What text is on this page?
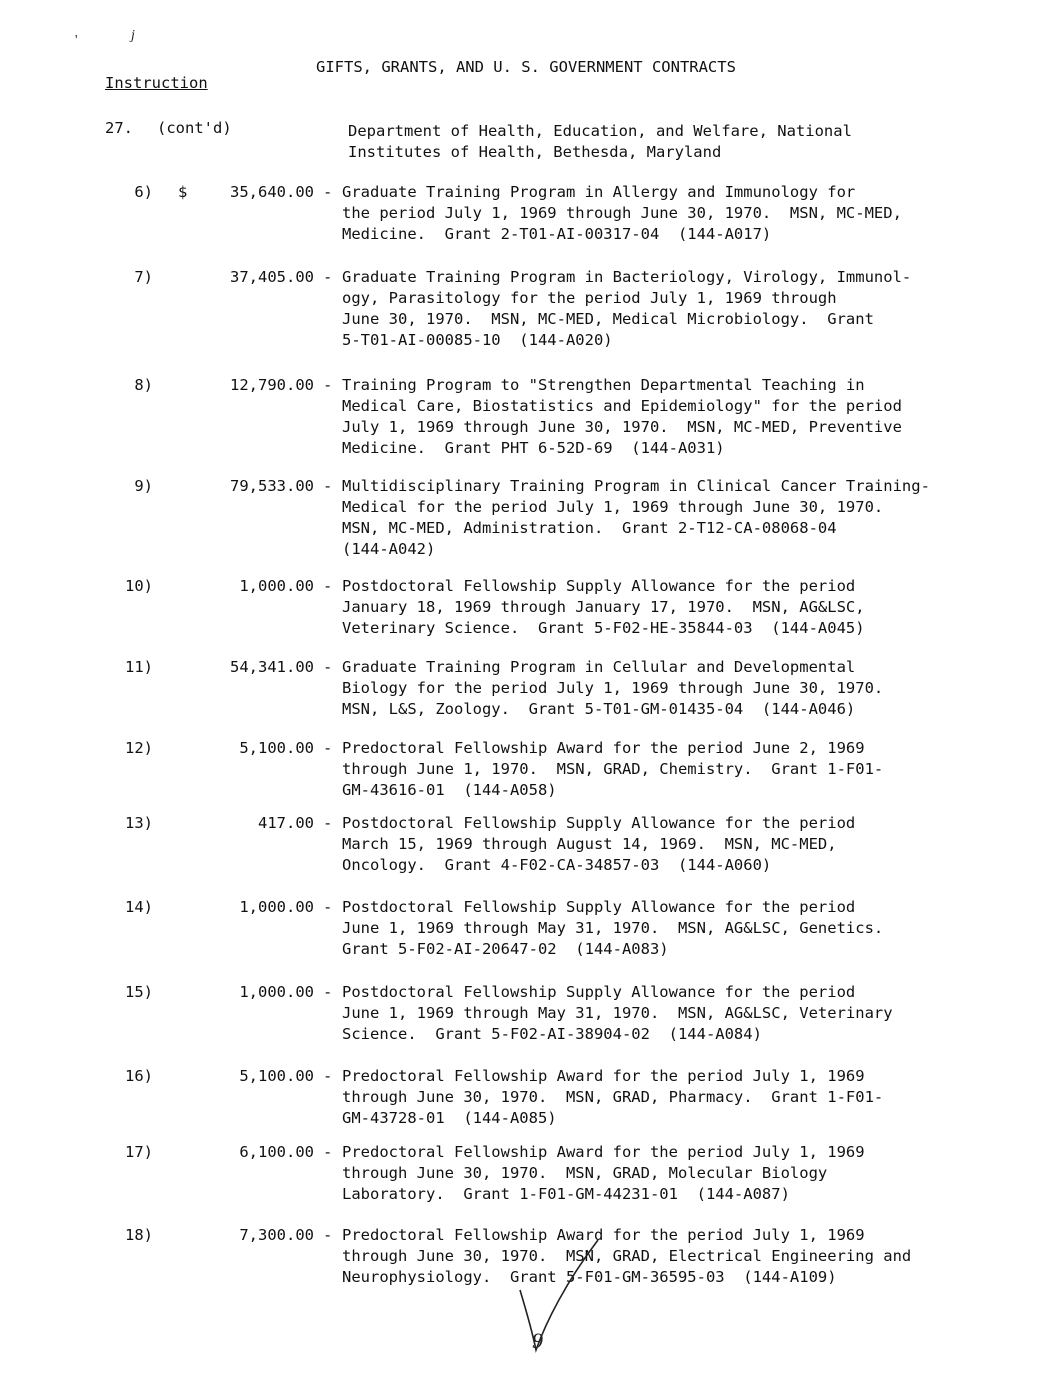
'	j
Instruction
GIFTS, GRANTS, AND U. S. GOVERNMENT CONTRACTS
27. (cont'd)	Department of Health, Education, and Welfare, National
Institutes of Health, Bethesda, Maryland
6) $	35,640.00 - Graduate Training Program in Allergy and Immunology for
the period July 1, 1969 through June 30, 1970.  MSN, MC-MED,
Medicine.  Grant 2-T01-AI-00317-04  (144-A017)
7)	37,405.00 - Graduate Training Program in Bacteriology, Virology, Immunol-
ogy, Parasitology for the period July 1, 1969 through
June 30, 1970.  MSN, MC-MED, Medical Microbiology.  Grant
5-T01-AI-00085-10  (144-A020)
8)	12,790.00 - Training Program to "Strengthen Departmental Teaching in
Medical Care, Biostatistics and Epidemiology" for the period
July 1, 1969 through June 30, 1970.  MSN, MC-MED, Preventive
Medicine.  Grant PHT 6-52D-69  (144-A031)
9)	79,533.00 - Multidisciplinary Training Program in Clinical Cancer Training-
Medical for the period July 1, 1969 through June 30, 1970.
MSN, MC-MED, Administration.  Grant 2-T12-CA-08068-04
(144-A042)
10)	1,000.00 - Postdoctoral Fellowship Supply Allowance for the period
January 18, 1969 through January 17, 1970.  MSN, AG&LSC,
Veterinary Science.  Grant 5-F02-HE-35844-03  (144-A045)
11)	54,341.00 - Graduate Training Program in Cellular and Developmental
Biology for the period July 1, 1969 through June 30, 1970.
MSN, L&S, Zoology.  Grant 5-T01-GM-01435-04  (144-A046)
12)	5,100.00 - Predoctoral Fellowship Award for the period June 2, 1969
through June 1, 1970.  MSN, GRAD, Chemistry.  Grant 1-F01-
GM-43616-01  (144-A058)
13)	417.00 - Postdoctoral Fellowship Supply Allowance for the period
March 15, 1969 through August 14, 1969.  MSN, MC-MED,
Oncology.  Grant 4-F02-CA-34857-03  (144-A060)
14)	1,000.00 - Postdoctoral Fellowship Supply Allowance for the period
June 1, 1969 through May 31, 1970.  MSN, AG&LSC, Genetics.
Grant 5-F02-AI-20647-02  (144-A083)
15)	1,000.00 - Postdoctoral Fellowship Supply Allowance for the period
June 1, 1969 through May 31, 1970.  MSN, AG&LSC, Veterinary
Science.  Grant 5-F02-AI-38904-02  (144-A084)
16)	5,100.00 - Predoctoral Fellowship Award for the period July 1, 1969
through June 30, 1970.  MSN, GRAD, Pharmacy.  Grant 1-F01-
GM-43728-01  (144-A085)
17)	6,100.00 - Predoctoral Fellowship Award for the period July 1, 1969
through June 30, 1970.  MSN, GRAD, Molecular Biology
Laboratory.  Grant 1-F01-GM-44231-01  (144-A087)
18)	7,300.00 - Predoctoral Fellowship Award for the period July 1, 1969
through June 30, 1970.  MSN, GRAD, Electrical Engineering and
Neurophysiology.  Grant 5-F01-GM-36595-03  (144-A109)
9
